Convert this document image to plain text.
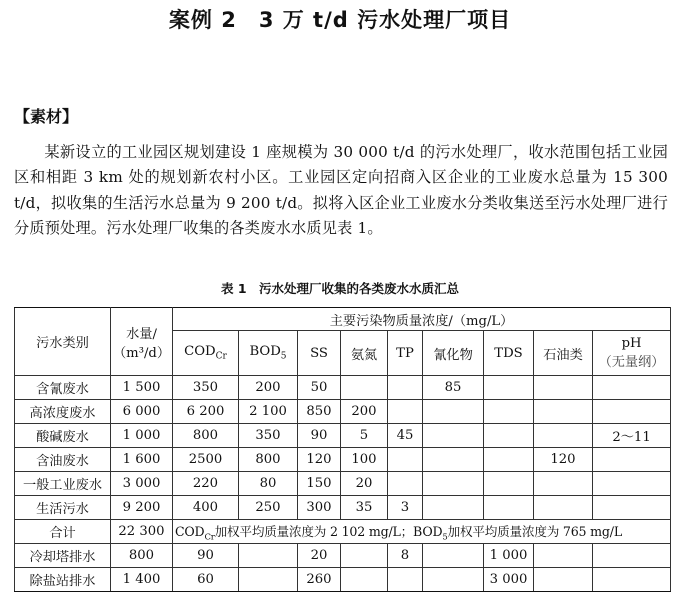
案例 2　3 万 t/d 污水处理厂项目
【素材】
某新设立的工业园区规划建设 1 座规模为 30 000 t/d 的污水处理厂，收水范围包括工业园区和相距 3 km 处的规划新农村小区。工业园区定向招商入区企业的工业废水总量为 15 300 t/d，拟收集的生活污水总量为 9 200 t/d。拟将入区企业工业废水分类收集送至污水处理厂进行分质预处理。污水处理厂收集的各类废水水质见表 1。
表 1　污水处理厂收集的各类废水水质汇总
污水类别	水量/
（m³/d）	主要污染物质量浓度/（mg/L）								
		$COD_{Cr}$	$BOD_5$	SS	氨氮	TP	氰化物	TDS	石油类	pH
（无量纲）

含氰废水	1 500	350	200	50			85			
高浓度废水	6 000	6 200	2 100	850	200					
酸碱废水	1 000	800	350	90	5	45				2～11
含油废水	1 600	2500	800	120	100				120	
一般工业废水	3 000	220	80	150	20					
生活污水	9 200	400	250	300	35	3				
合计	22 300	$COD_{Cr}$加权平均质量浓度为 2 102 mg/L；$BOD_5$加权平均质量浓度为 765 mg/L								
冷却塔排水	800	90		20		8		1 000		
除盐站排水	1 400	60		260				3 000		
